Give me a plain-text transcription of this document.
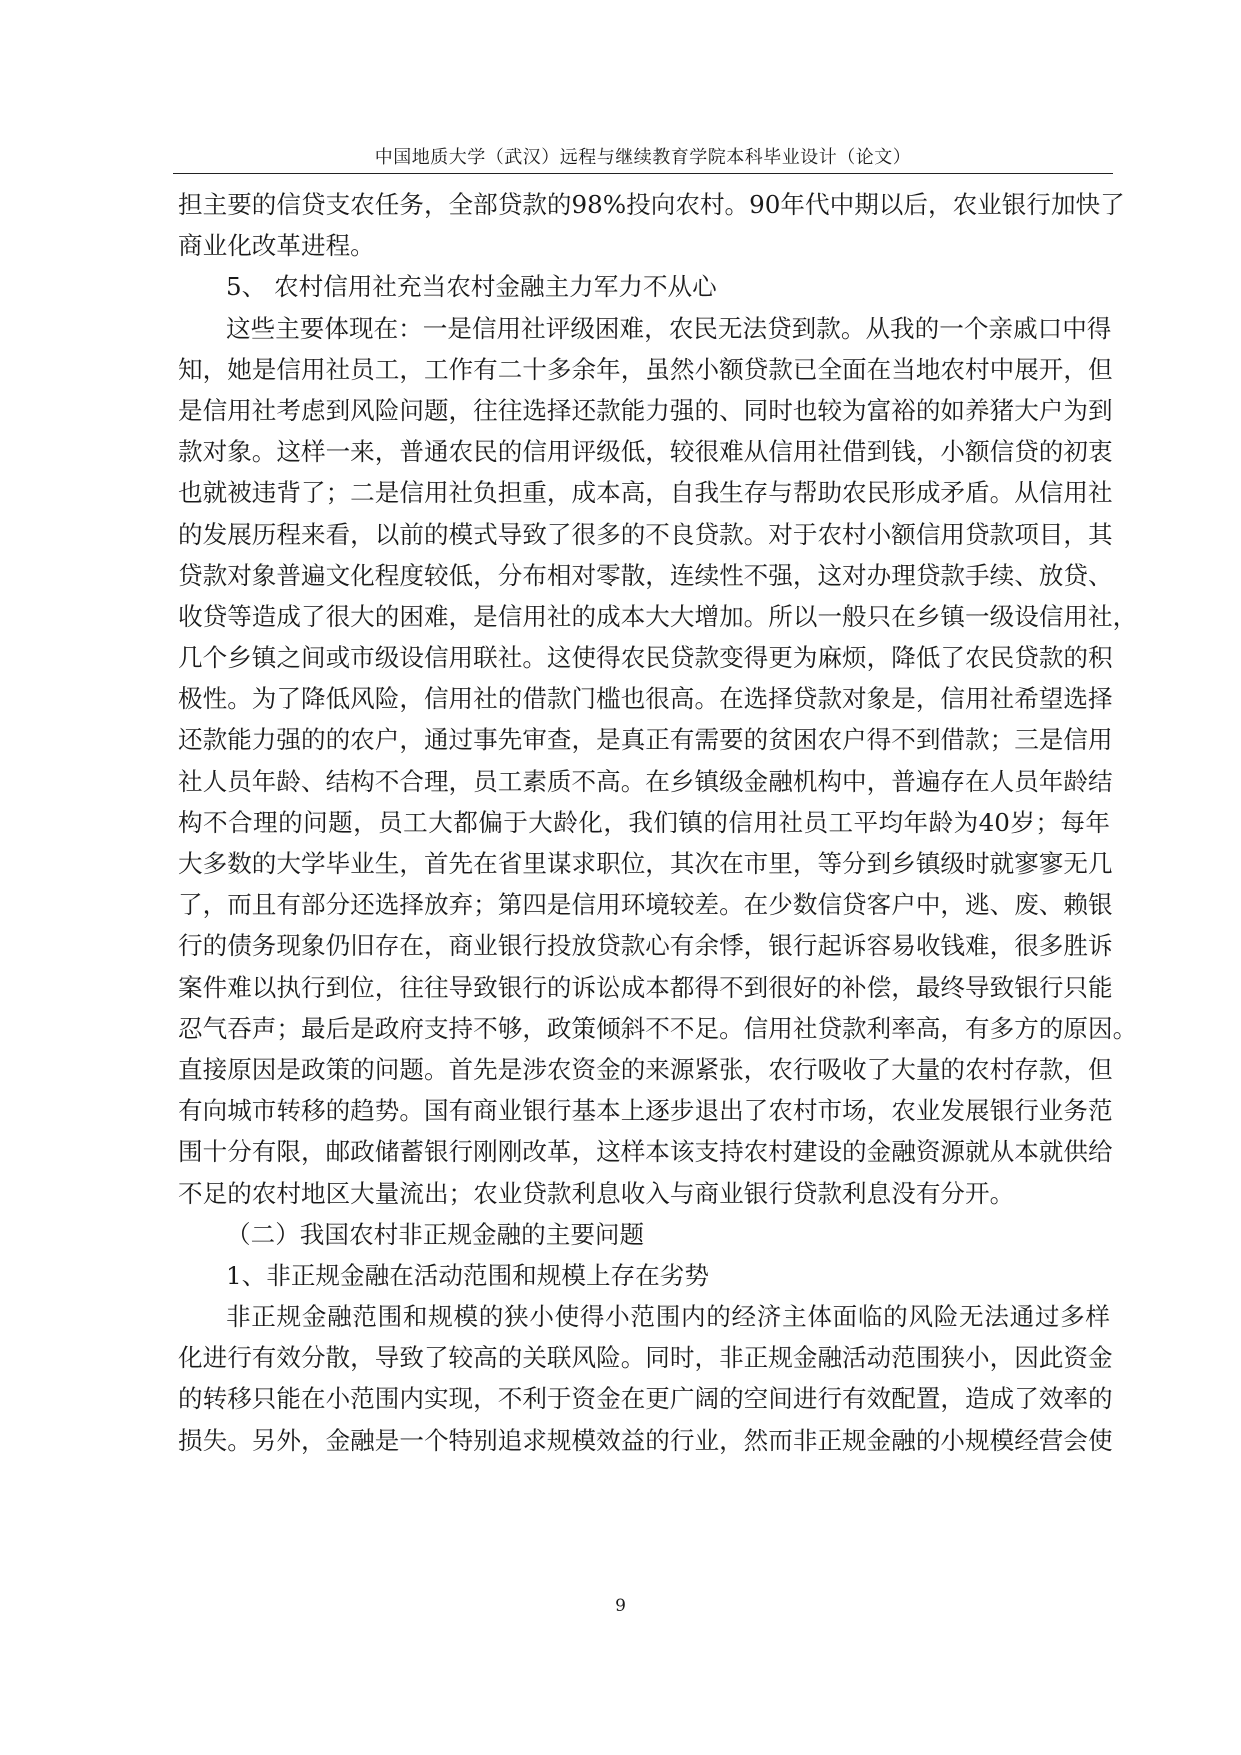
中国地质大学（武汉）远程与继续教育学院本科毕业设计（论文）
担主要的信贷支农任务，全部贷款的98%投向农村。90年代中期以后，农业银行加快了
商业化改革进程。
5、 农村信用社充当农村金融主力军力不从心
这些主要体现在：一是信用社评级困难，农民无法贷到款。从我的一个亲戚口中得
知，她是信用社员工，工作有二十多余年，虽然小额贷款已全面在当地农村中展开，但
是信用社考虑到风险问题，往往选择还款能力强的、同时也较为富裕的如养猪大户为到
款对象。这样一来，普通农民的信用评级低，较很难从信用社借到钱，小额信贷的初衷
也就被违背了；二是信用社负担重，成本高，自我生存与帮助农民形成矛盾。从信用社
的发展历程来看，以前的模式导致了很多的不良贷款。对于农村小额信用贷款项目，其
贷款对象普遍文化程度较低，分布相对零散，连续性不强，这对办理贷款手续、放贷、
收贷等造成了很大的困难，是信用社的成本大大增加。所以一般只在乡镇一级设信用社，
几个乡镇之间或市级设信用联社。这使得农民贷款变得更为麻烦，降低了农民贷款的积
极性。为了降低风险，信用社的借款门槛也很高。在选择贷款对象是，信用社希望选择
还款能力强的的农户，通过事先审查，是真正有需要的贫困农户得不到借款；三是信用
社人员年龄、结构不合理，员工素质不高。在乡镇级金融机构中，普遍存在人员年龄结
构不合理的问题，员工大都偏于大龄化，我们镇的信用社员工平均年龄为40岁；每年
大多数的大学毕业生，首先在省里谋求职位，其次在市里，等分到乡镇级时就寥寥无几
了，而且有部分还选择放弃；第四是信用环境较差。在少数信贷客户中，逃、废、赖银
行的债务现象仍旧存在，商业银行投放贷款心有余悸，银行起诉容易收钱难，很多胜诉
案件难以执行到位，往往导致银行的诉讼成本都得不到很好的补偿，最终导致银行只能
忍气吞声；最后是政府支持不够，政策倾斜不不足。信用社贷款利率高，有多方的原因。
直接原因是政策的问题。首先是涉农资金的来源紧张，农行吸收了大量的农村存款，但
有向城市转移的趋势。国有商业银行基本上逐步退出了农村市场，农业发展银行业务范
围十分有限，邮政储蓄银行刚刚改革，这样本该支持农村建设的金融资源就从本就供给
不足的农村地区大量流出；农业贷款利息收入与商业银行贷款利息没有分开。
（二）我国农村非正规金融的主要问题
1、非正规金融在活动范围和规模上存在劣势
非正规金融范围和规模的狭小使得小范围内的经济主体面临的风险无法通过多样
化进行有效分散，导致了较高的关联风险。同时，非正规金融活动范围狭小，因此资金
的转移只能在小范围内实现，不利于资金在更广阔的空间进行有效配置，造成了效率的
损失。另外，金融是一个特别追求规模效益的行业，然而非正规金融的小规模经营会使
9
